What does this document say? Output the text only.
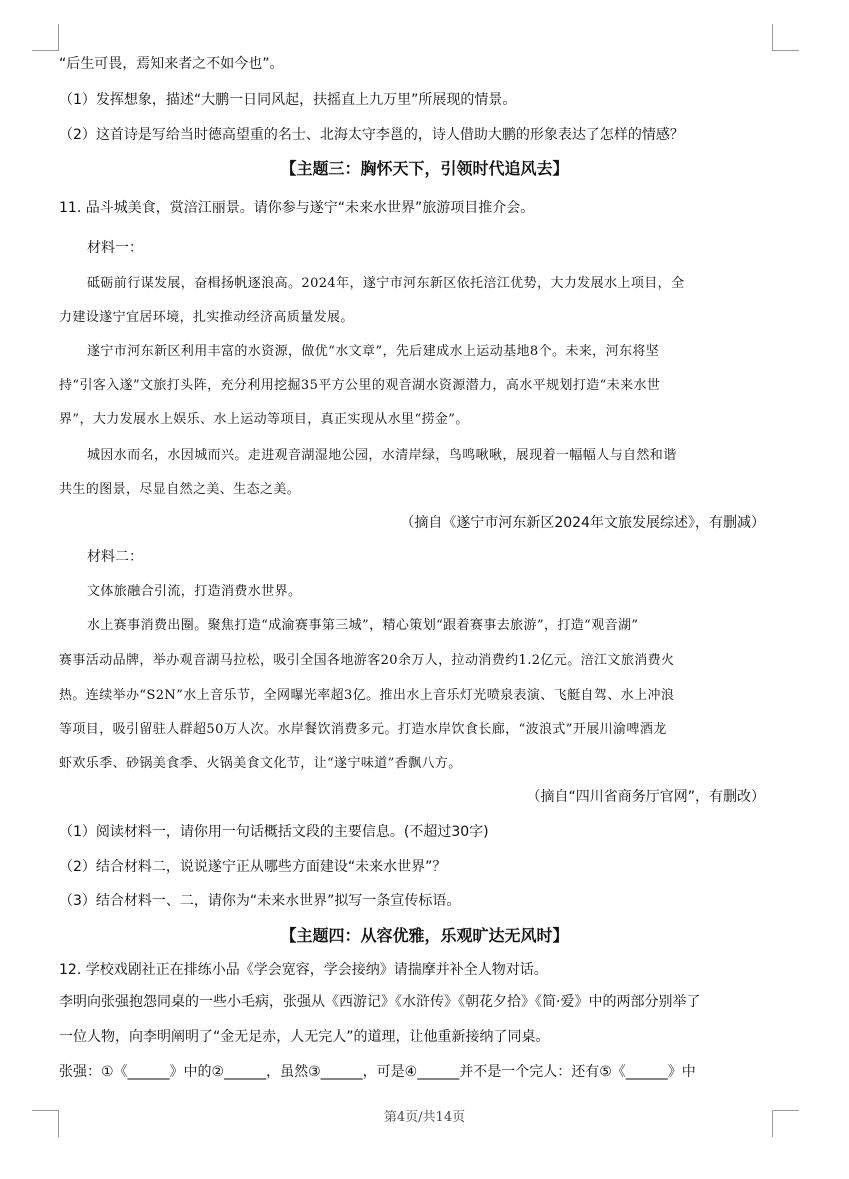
“后生可畏，焉知来者之不如今也”。
（1）发挥想象，描述“大鹏一日同风起，扶摇直上九万里”所展现的情景。
（2）这首诗是写给当时德高望重的名士、北海太守李邕的，诗人借助大鹏的形象表达了怎样的情感？
【主题三：胸怀天下，引领时代追风去】
11. 品斗城美食，赏涪江丽景。请你参与遂宁“未来水世界”旅游项目推介会。
材料一：
砥砺前行谋发展，奋楫扬帆逐浪高。2024年，遂宁市河东新区依托涪江优势，大力发展水上项目，全
力建设遂宁宜居环境，扎实推动经济高质量发展。
遂宁市河东新区利用丰富的水资源，做优“水文章”，先后建成水上运动基地8个。未来，河东将坚
持“引客入遂”文旅打头阵，充分利用挖掘35平方公里的观音湖水资源潜力，高水平规划打造“未来水世
界”，大力发展水上娱乐、水上运动等项目，真正实现从水里“捞金”。
城因水而名，水因城而兴。走进观音湖湿地公园，水清岸绿，鸟鸣啾啾，展现着一幅幅人与自然和谐
共生的图景，尽显自然之美、生态之美。
（摘自《遂宁市河东新区2024年文旅发展综述》，有删减）
材料二：
文体旅融合引流，打造消费水世界。
水上赛事消费出圈。聚焦打造“成渝赛事第三城”，精心策划“跟着赛事去旅游”，打造“观音湖”
赛事活动品牌，举办观音湖马拉松，吸引全国各地游客20余万人，拉动消费约1.2亿元。涪江文旅消费火
热。连续举办“S2N”水上音乐节，全网曝光率超3亿。推出水上音乐灯光喷泉表演、飞艇自驾、水上冲浪
等项目，吸引留驻人群超50万人次。水岸餐饮消费多元。打造水岸饮食长廊，“波浪式”开展川渝啤酒龙
虾欢乐季、砂锅美食季、火锅美食文化节，让“遂宁味道”香飘八方。
（摘自“四川省商务厅官网”，有删改）
（1）阅读材料一，请你用一句话概括文段的主要信息。(不超过30字)
（2）结合材料二，说说遂宁正从哪些方面建设“未来水世界”？
（3）结合材料一、二，请你为“未来水世界”拟写一条宣传标语。
【主题四：从容优雅，乐观旷达无风时】
12. 学校戏剧社正在排练小品《学会宽容，学会接纳》请揣摩并补全人物对话。
李明向张强抱怨同桌的一些小毛病，张强从《西游记》《水浒传》《朝花夕拾》《简·爱》中的两部分别举了
一位人物，向李明阐明了“金无足赤，人无完人”的道理，让他重新接纳了同桌。
张强：①《______》中的②______，虽然③______，可是④______并不是一个完人：还有⑤《______》中
第4页/共14页
